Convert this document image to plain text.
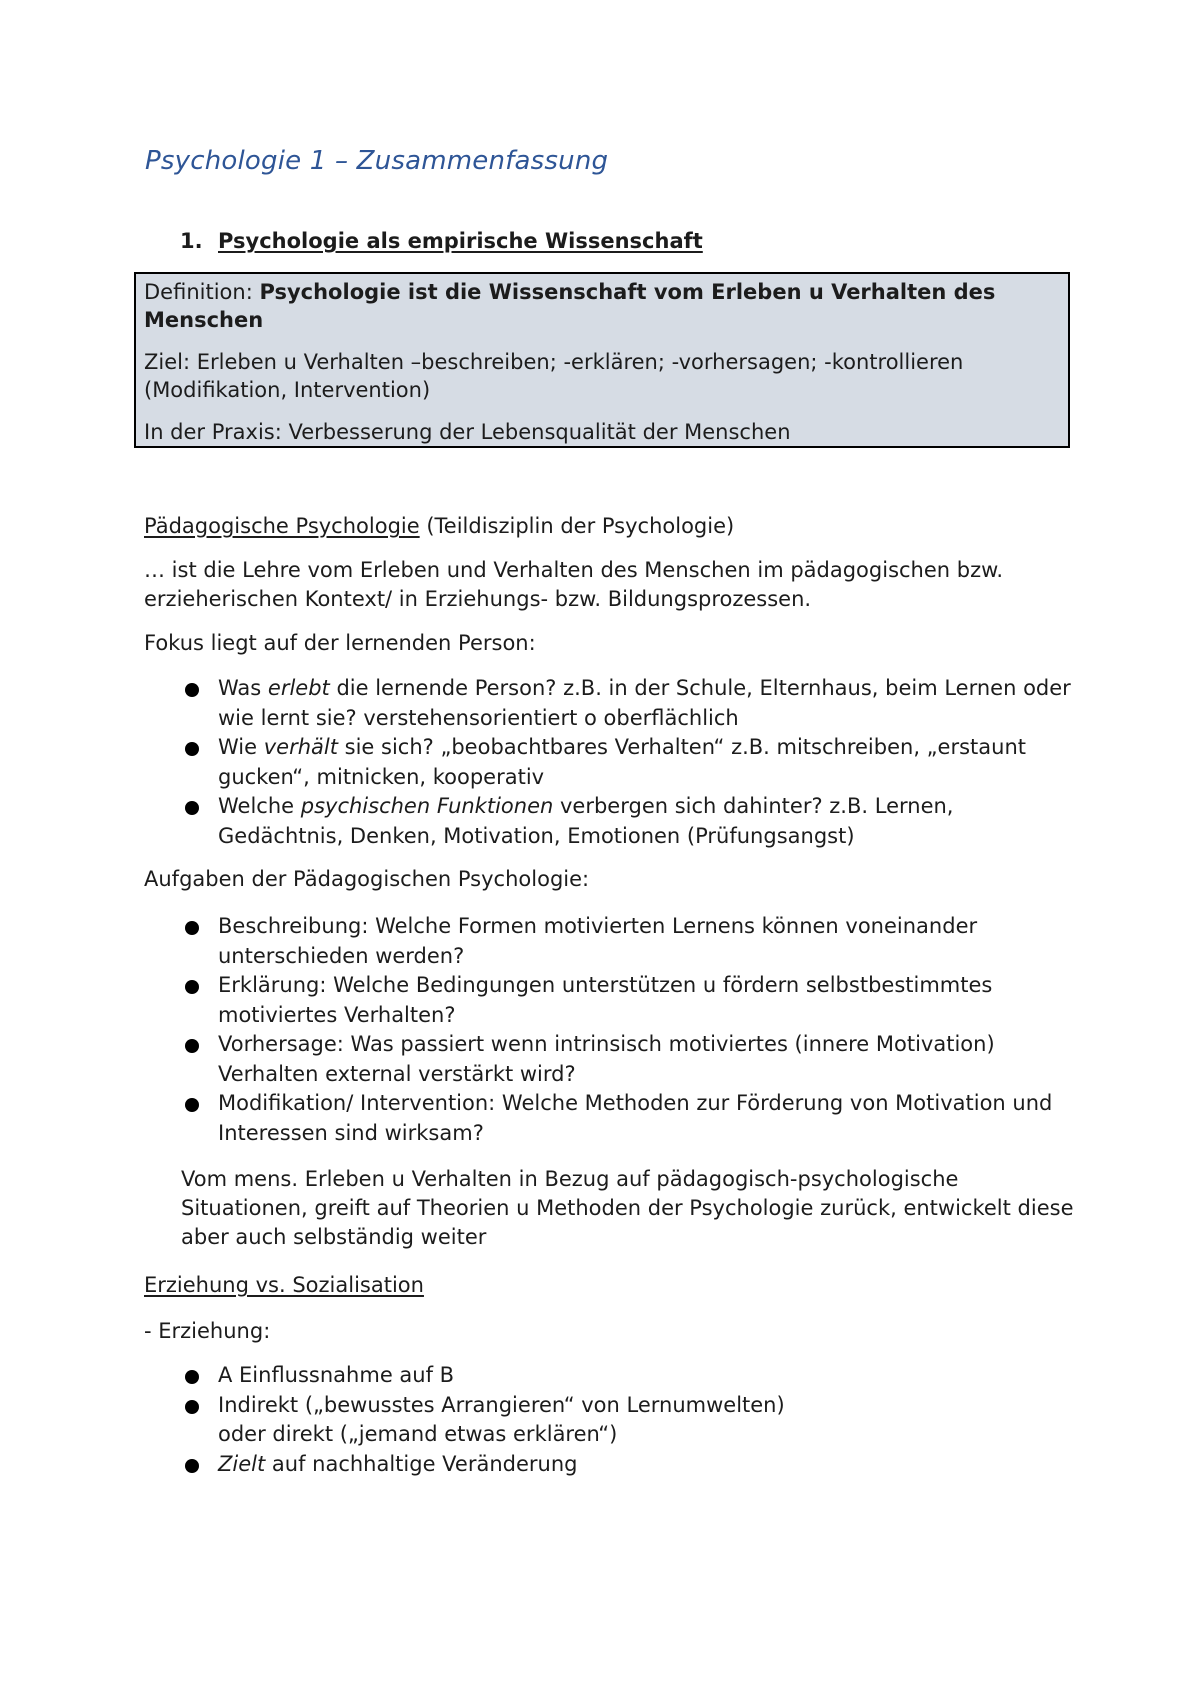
Psychologie 1 – Zusammenfassung
1. Psychologie als empirische Wissenschaft

Definition: Psychologie ist die Wissenschaft vom Erleben u Verhalten des Menschen

Ziel: Erleben u Verhalten –beschreiben; -erklären; -vorhersagen; -kontrollieren (Modifikation, Intervention)

In der Praxis: Verbesserung der Lebensqualität der Menschen

Pädagogische Psychologie (Teildisziplin der Psychologie)
… ist die Lehre vom Erleben und Verhalten des Menschen im pädagogischen bzw. erzieherischen Kontext/ in Erziehungs- bzw. Bildungsprozessen.
Fokus liegt auf der lernenden Person:
Was erlebt die lernende Person? z.B. in der Schule, Elternhaus, beim Lernen oder wie lernt sie? verstehensorientiert o oberflächlich
Wie verhält sie sich? „beobachtbares Verhalten“ z.B. mitschreiben, „erstaunt gucken“, mitnicken, kooperativ
Welche psychischen Funktionen verbergen sich dahinter? z.B. Lernen, Gedächtnis, Denken, Motivation, Emotionen (Prüfungsangst)
Aufgaben der Pädagogischen Psychologie:
Beschreibung: Welche Formen motivierten Lernens können voneinander unterschieden werden?
Erklärung: Welche Bedingungen unterstützen u fördern selbstbestimmtes motiviertes Verhalten?
Vorhersage: Was passiert wenn intrinsisch motiviertes (innere Motivation) Verhalten external verstärkt wird?
Modifikation/ Intervention: Welche Methoden zur Förderung von Motivation und Interessen sind wirksam?
Vom mens. Erleben u Verhalten in Bezug auf pädagogisch-psychologische Situationen, greift auf Theorien u Methoden der Psychologie zurück, entwickelt diese aber auch selbständig weiter
Erziehung vs. Sozialisation
- Erziehung:
A Einflussnahme auf B
Indirekt („bewusstes Arrangieren“ von Lernumwelten)
oder direkt („jemand etwas erklären“)
Zielt auf nachhaltige Veränderung
